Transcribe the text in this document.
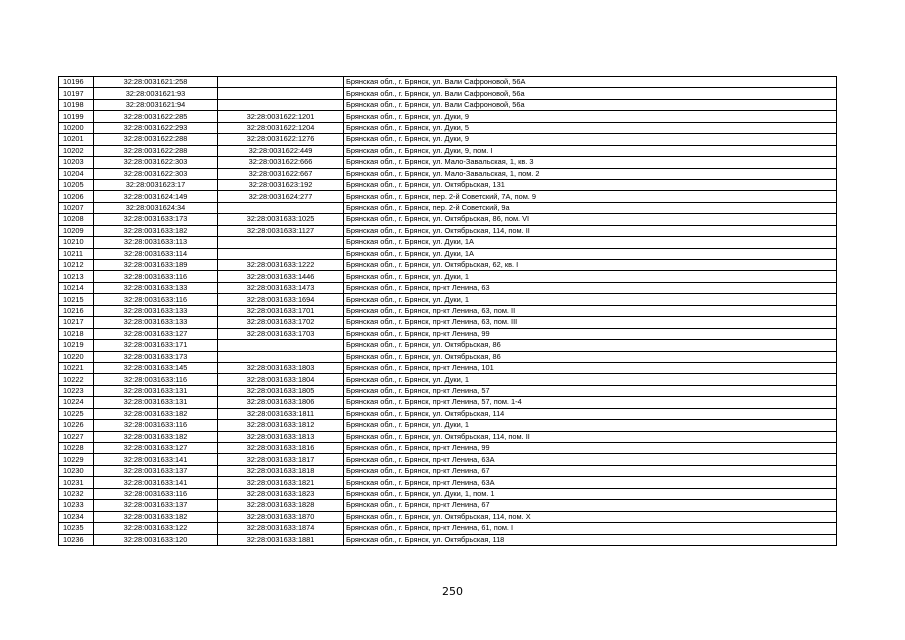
10196	32:28:0031621:258		Брянская обл., г. Брянск, ул. Вали Сафроновой, 56А
10197	32:28:0031621:93		Брянская обл., г. Брянск, ул. Вали Сафроновой, 56а
10198	32:28:0031621:94		Брянская обл., г. Брянск, ул. Вали Сафроновой, 56а
10199	32:28:0031622:285	32:28:0031622:1201	Брянская обл., г. Брянск, ул. Дуки, 9
10200	32:28:0031622:293	32:28:0031622:1204	Брянская обл., г. Брянск, ул. Дуки, 5
10201	32:28:0031622:288	32:28:0031622:1276	Брянская обл., г. Брянск, ул. Дуки, 9
10202	32:28:0031622:288	32:28:0031622:449	Брянская обл., г. Брянск, ул. Дуки, 9, пом. I
10203	32:28:0031622:303	32:28:0031622:666	Брянская обл., г. Брянск, ул. Мало-Завальская, 1, кв. 3
10204	32:28:0031622:303	32:28:0031622:667	Брянская обл., г. Брянск, ул. Мало-Завальская, 1, пом. 2
10205	32:28:0031623:17	32:28:0031623:192	Брянская обл., г. Брянск, ул. Октябрьская, 131
10206	32:28:0031624:149	32:28:0031624:277	Брянская обл., г. Брянск, пер. 2-й Советский, 7А, пом. 9
10207	32:28:0031624:34		Брянская обл., г. Брянск, пер. 2-й Советский, 9а
10208	32:28:0031633:173	32:28:0031633:1025	Брянская обл., г. Брянск, ул. Октябрьская, 86, пом. VI
10209	32:28:0031633:182	32:28:0031633:1127	Брянская обл., г. Брянск, ул. Октябрьская, 114, пом. II
10210	32:28:0031633:113		Брянская обл., г. Брянск, ул. Дуки, 1А
10211	32:28:0031633:114		Брянская обл., г. Брянск, ул. Дуки, 1А
10212	32:28:0031633:189	32:28:0031633:1222	Брянская обл., г. Брянск, ул. Октябрьская, 62, кв. I
10213	32:28:0031633:116	32:28:0031633:1446	Брянская обл., г. Брянск, ул. Дуки, 1
10214	32:28:0031633:133	32:28:0031633:1473	Брянская обл., г. Брянск, пр-кт Ленина, 63
10215	32:28:0031633:116	32:28:0031633:1694	Брянская обл., г. Брянск, ул. Дуки, 1
10216	32:28:0031633:133	32:28:0031633:1701	Брянская обл., г. Брянск, пр-кт Ленина, 63, пом. II
10217	32:28:0031633:133	32:28:0031633:1702	Брянская обл., г. Брянск, пр-кт Ленина, 63, пом. III
10218	32:28:0031633:127	32:28:0031633:1703	Брянская обл., г. Брянск, пр-кт Ленина, 99
10219	32:28:0031633:171		Брянская обл., г. Брянск, ул. Октябрьская, 86
10220	32:28:0031633:173		Брянская обл., г. Брянск, ул. Октябрьская, 86
10221	32:28:0031633:145	32:28:0031633:1803	Брянская обл., г. Брянск, пр-кт Ленина, 101
10222	32:28:0031633:116	32:28:0031633:1804	Брянская обл., г. Брянск, ул. Дуки, 1
10223	32:28:0031633:131	32:28:0031633:1805	Брянская обл., г. Брянск, пр-кт Ленина, 57
10224	32:28:0031633:131	32:28:0031633:1806	Брянская обл., г. Брянск, пр-кт Ленина, 57, пом. 1-4
10225	32:28:0031633:182	32:28:0031633:1811	Брянская обл., г. Брянск, ул. Октябрьская, 114
10226	32:28:0031633:116	32:28:0031633:1812	Брянская обл., г. Брянск, ул. Дуки, 1
10227	32:28:0031633:182	32:28:0031633:1813	Брянская обл., г. Брянск, ул. Октябрьская, 114, пом. II
10228	32:28:0031633:127	32:28:0031633:1816	Брянская обл., г. Брянск, пр-кт Ленина, 99
10229	32:28:0031633:141	32:28:0031633:1817	Брянская обл., г. Брянск, пр-кт Ленина, 63А
10230	32:28:0031633:137	32:28:0031633:1818	Брянская обл., г. Брянск, пр-кт Ленина, 67
10231	32:28:0031633:141	32:28:0031633:1821	Брянская обл., г. Брянск, пр-кт Ленина, 63А
10232	32:28:0031633:116	32:28:0031633:1823	Брянская обл., г. Брянск, ул. Дуки, 1, пом. 1
10233	32:28:0031633:137	32:28:0031633:1828	Брянская обл., г. Брянск, пр-кт Ленина, 67
10234	32:28:0031633:182	32:28:0031633:1870	Брянская обл., г. Брянск, ул. Октябрьская, 114, пом. X
10235	32:28:0031633:122	32:28:0031633:1874	Брянская обл., г. Брянск, пр-кт Ленина, 61, пом. I
10236	32:28:0031633:120	32:28:0031633:1881	Брянская обл., г. Брянск, ул. Октябрьская, 118
250
